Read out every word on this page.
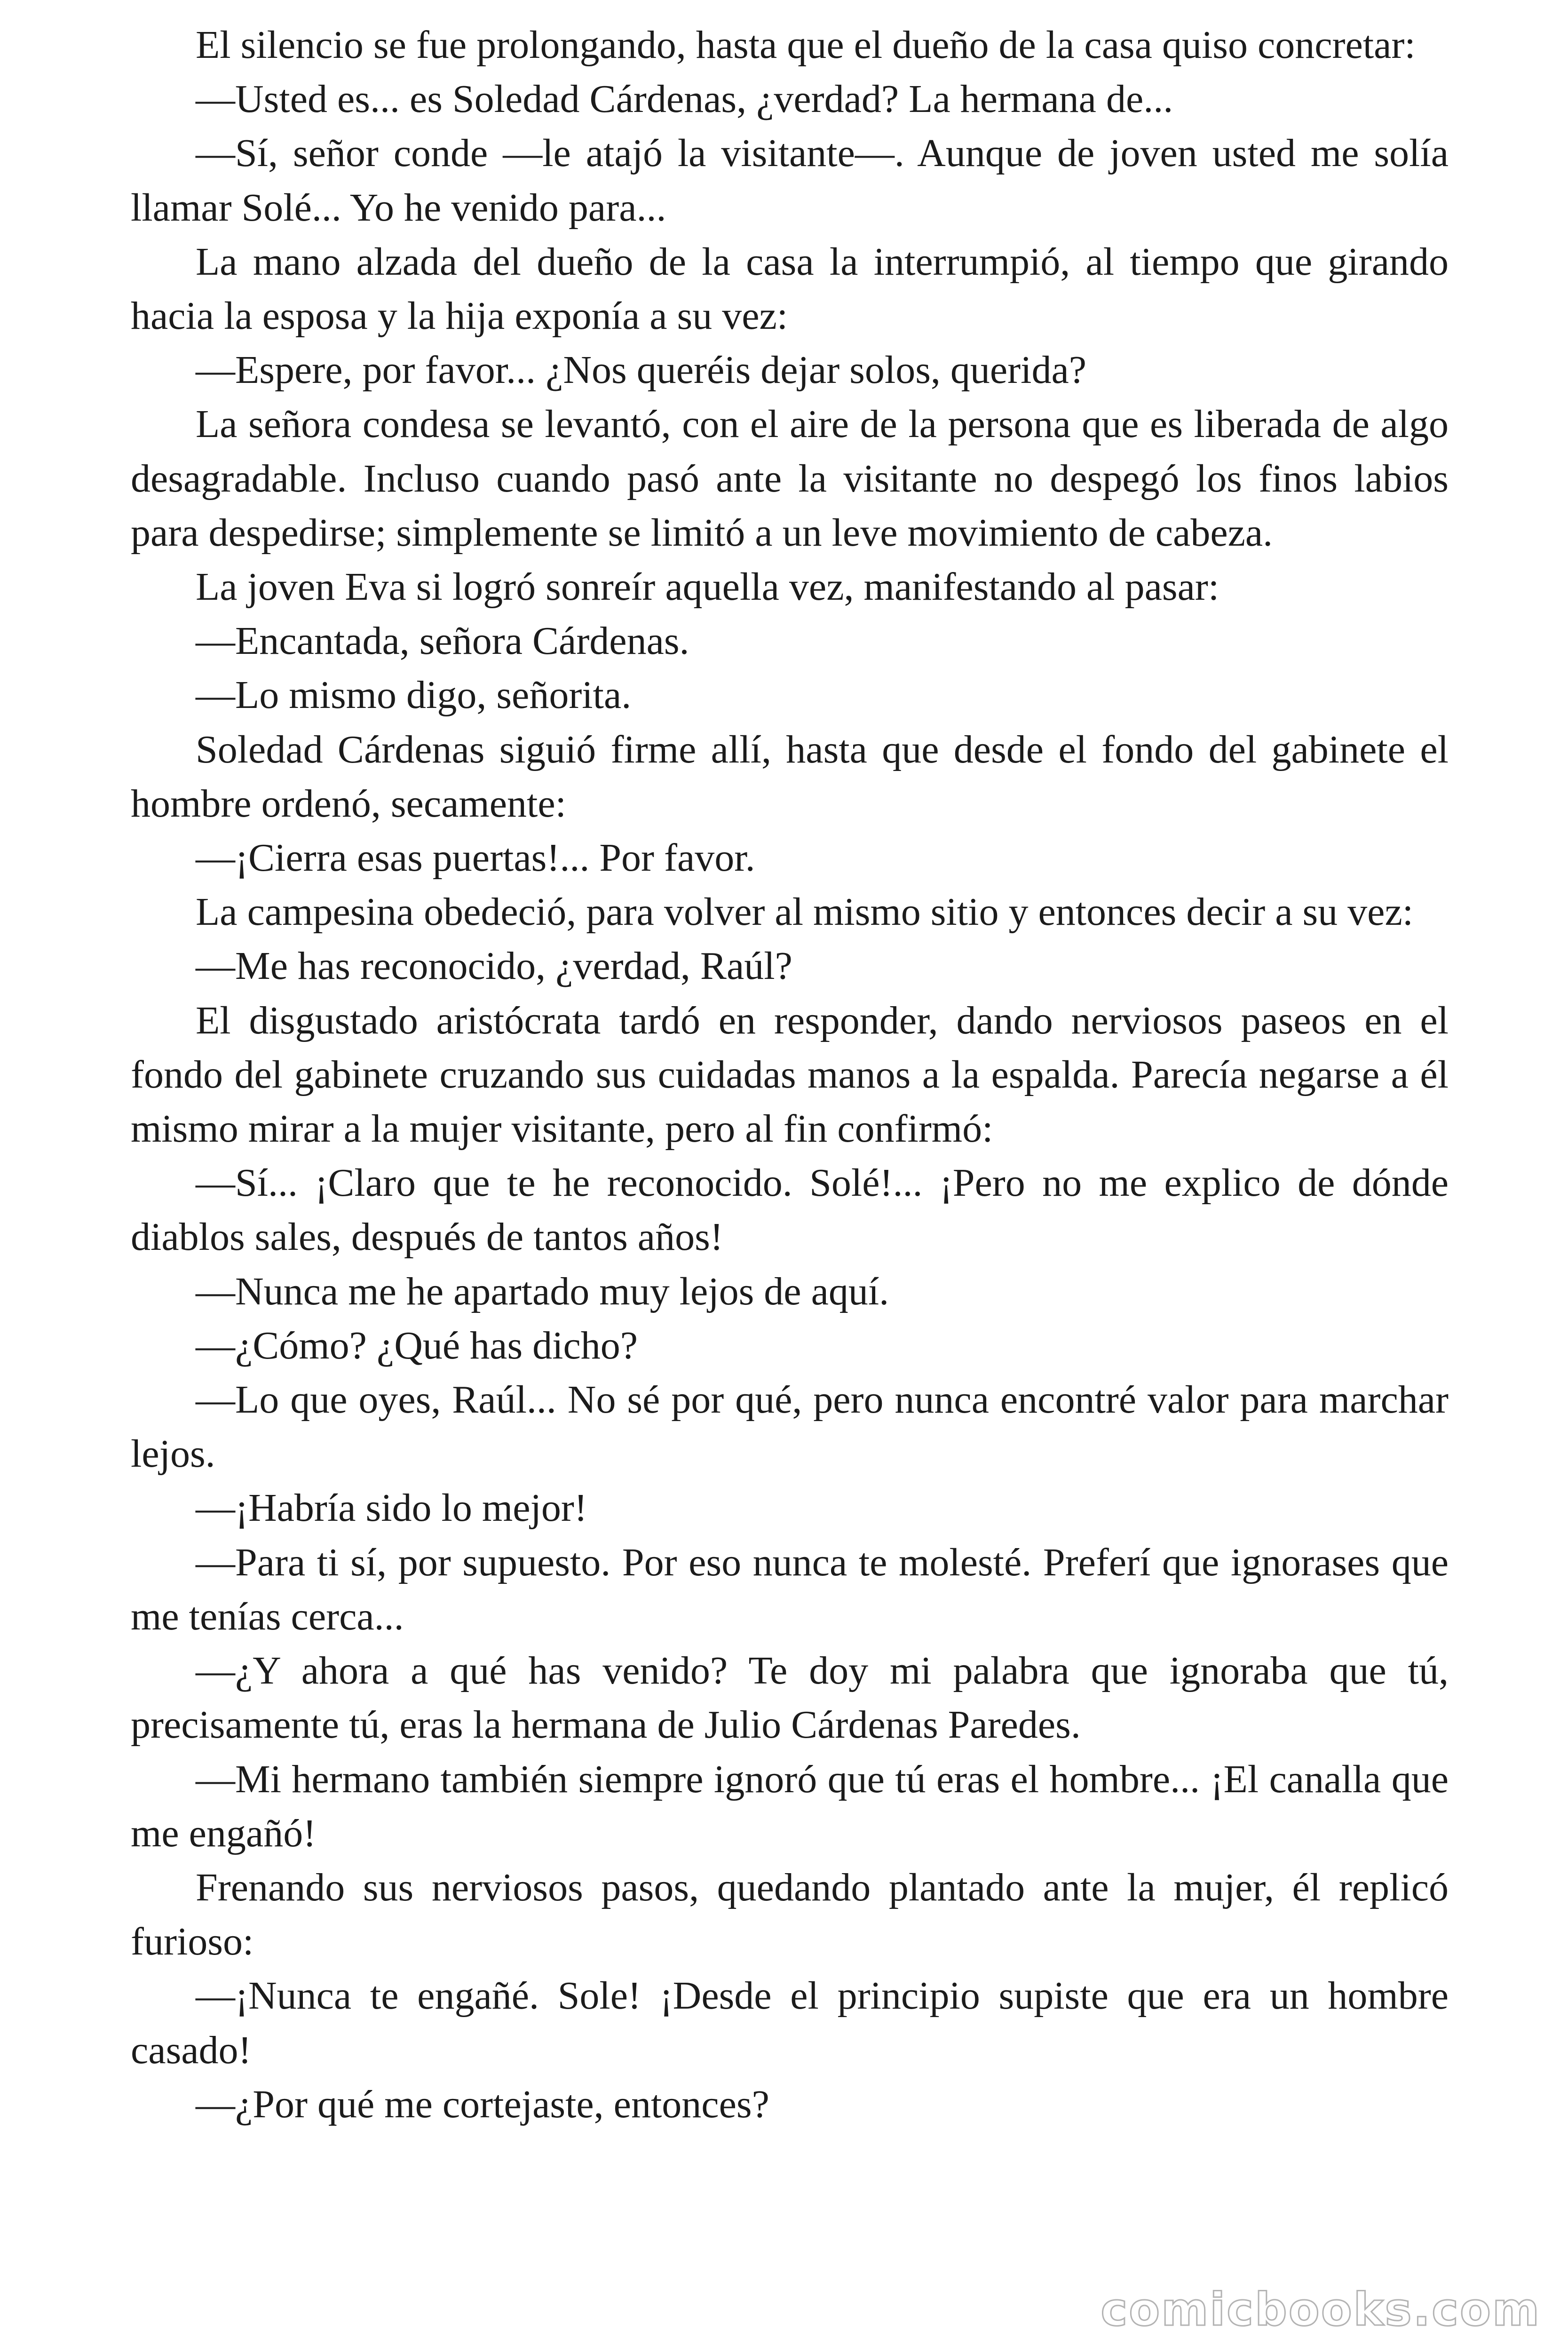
El silencio se fue prolongando, hasta que el dueño de la casa quiso concretar:

—Usted es... es Soledad Cárdenas, ¿verdad? La hermana de...

—Sí, señor conde —le atajó la visitante—. Aunque de joven usted me solía llamar Solé... Yo he venido para...

La mano alzada del dueño de la casa la interrumpió, al tiempo que girando hacia la esposa y la hija exponía a su vez:

—Espere, por favor... ¿Nos queréis dejar solos, querida?

La señora condesa se levantó, con el aire de la persona que es liberada de algo desagradable. Incluso cuando pasó ante la visitante no despegó los finos labios para despedirse; simplemente se limitó a un leve movimiento de cabeza.

La joven Eva si logró sonreír aquella vez, manifestando al pasar:

—Encantada, señora Cárdenas.

—Lo mismo digo, señorita.

Soledad Cárdenas siguió firme allí, hasta que desde el fondo del gabinete el hombre ordenó, secamente:

—¡Cierra esas puertas!... Por favor.

La campesina obedeció, para volver al mismo sitio y entonces decir a su vez:

—Me has reconocido, ¿verdad, Raúl?

El disgustado aristócrata tardó en responder, dando nerviosos paseos en el fondo del gabinete cruzando sus cuidadas manos a la espalda. Parecía negarse a él mismo mirar a la mujer visitante, pero al fin confirmó:

—Sí... ¡Claro que te he reconocido. Solé!... ¡Pero no me explico de dónde diablos sales, después de tantos años!

—Nunca me he apartado muy lejos de aquí.

—¿Cómo? ¿Qué has dicho?

—Lo que oyes, Raúl... No sé por qué, pero nunca encontré valor para marchar lejos.

—¡Habría sido lo mejor!

—Para ti sí, por supuesto. Por eso nunca te molesté. Preferí que ignorases que me tenías cerca...

—¿Y ahora a qué has venido? Te doy mi palabra que ignoraba que tú, precisamente tú, eras la hermana de Julio Cárdenas Paredes.

—Mi hermano también siempre ignoró que tú eras el hombre... ¡El canalla que me engañó!

Frenando sus nerviosos pasos, quedando plantado ante la mujer, él replicó furioso:

—¡Nunca te engañé. Sole! ¡Desde el principio supiste que era un hombre casado!

—¿Por qué me cortejaste, entonces?

comicbooks.com
